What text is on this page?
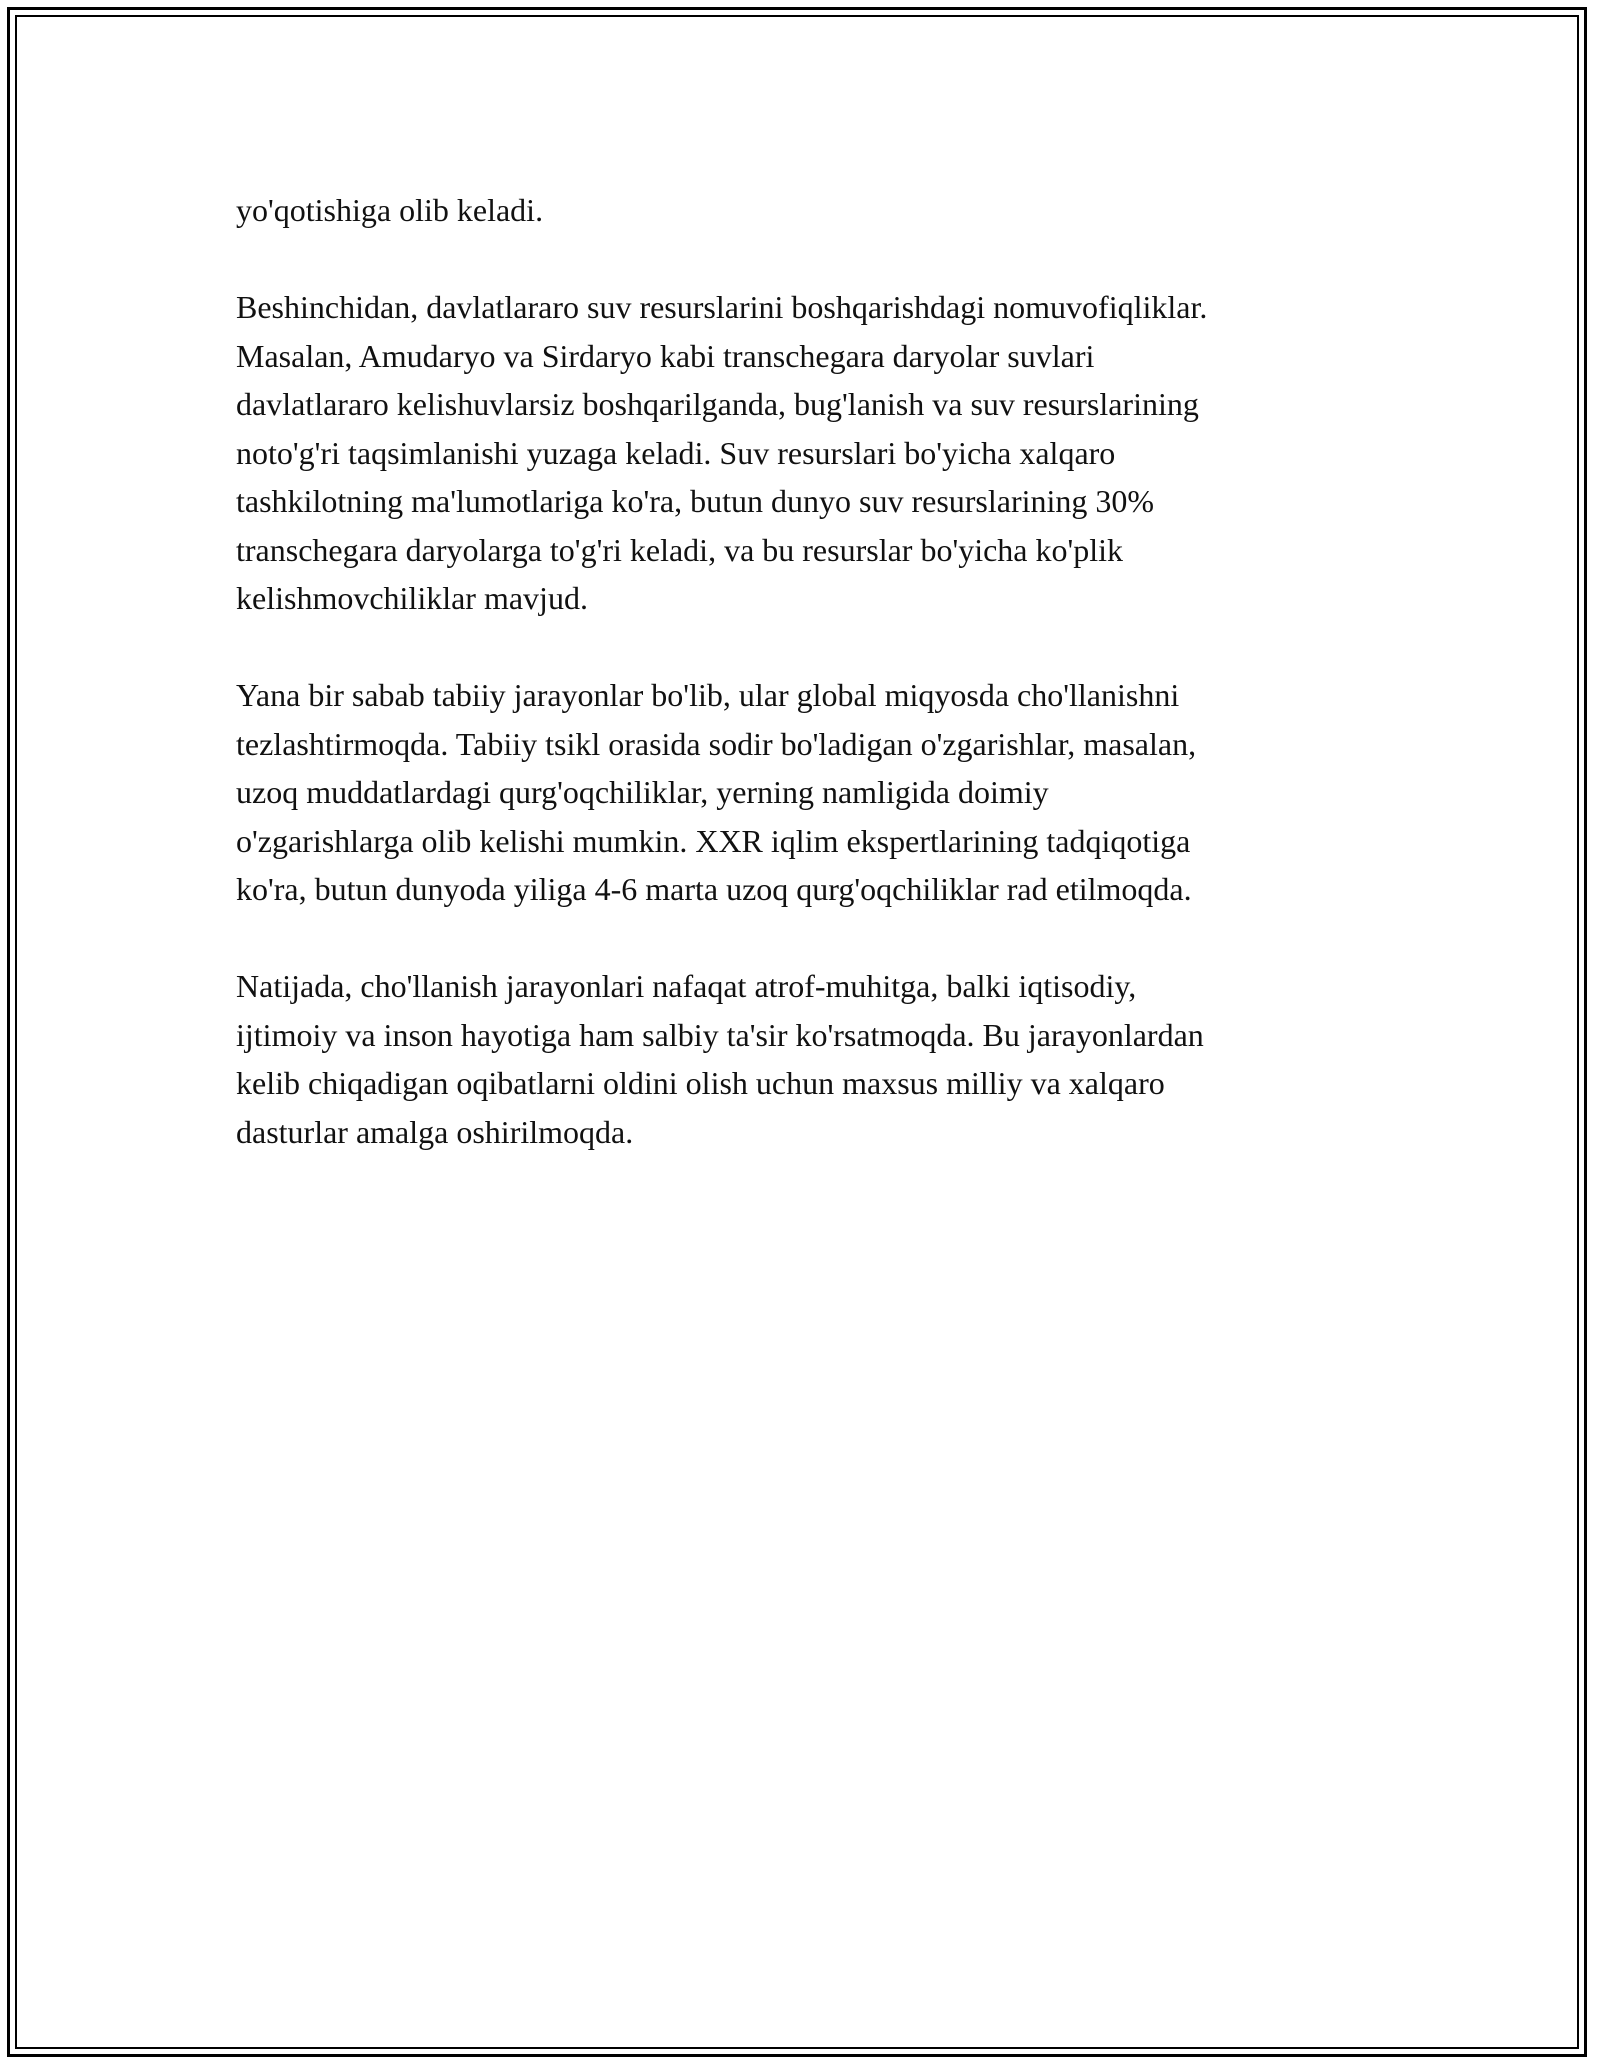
yo'qotishiga olib keladi.

Beshinchidan, davlatlararo suv resurslarini boshqarishdagi nomuvofiqliklar.
Masalan, Amudaryo va Sirdaryo kabi transchegara daryolar suvlari
davlatlararo kelishuvlarsiz boshqarilganda, bug'lanish va suv resurslarining
noto'g'ri taqsimlanishi yuzaga keladi. Suv resurslari bo'yicha xalqaro
tashkilotning ma'lumotlariga ko'ra, butun dunyo suv resurslarining 30%
transchegara daryolarga to'g'ri keladi, va bu resurslar bo'yicha ko'plik
kelishmovchiliklar mavjud.

Yana bir sabab tabiiy jarayonlar bo'lib, ular global miqyosda cho'llanishni
tezlashtirmoqda. Tabiiy tsikl orasida sodir bo'ladigan o'zgarishlar, masalan,
uzoq muddatlardagi qurg'oqchiliklar, yerning namligida doimiy
o'zgarishlarga olib kelishi mumkin. XXR iqlim ekspertlarining tadqiqotiga
ko'ra, butun dunyoda yiliga 4-6 marta uzoq qurg'oqchiliklar rad etilmoqda.

Natijada, cho'llanish jarayonlari nafaqat atrof-muhitga, balki iqtisodiy,
ijtimoiy va inson hayotiga ham salbiy ta'sir ko'rsatmoqda. Bu jarayonlardan
kelib chiqadigan oqibatlarni oldini olish uchun maxsus milliy va xalqaro
dasturlar amalga oshirilmoqda.
